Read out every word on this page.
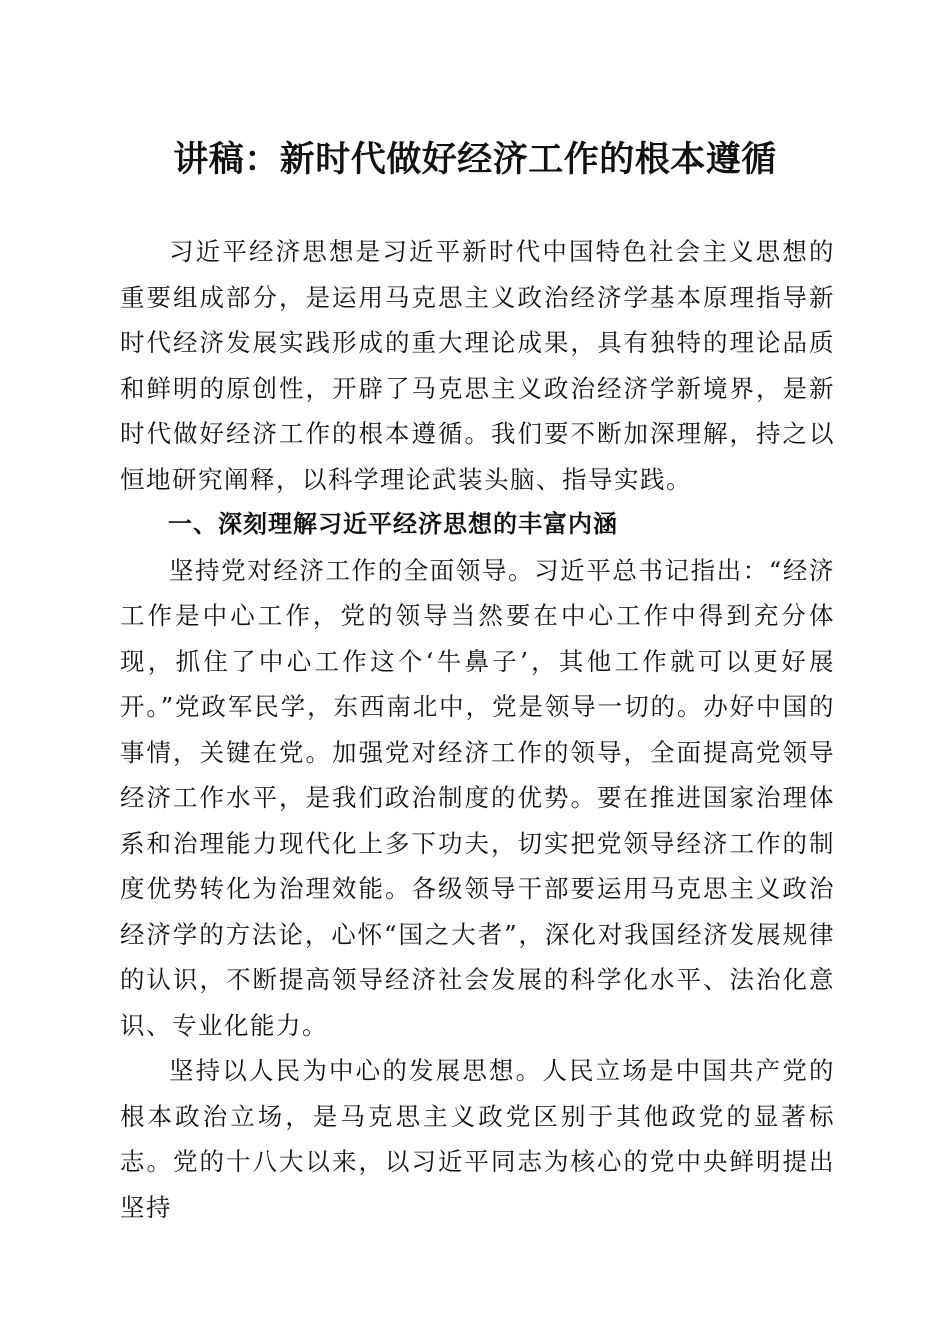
讲稿：新时代做好经济工作的根本遵循

习近平经济思想是习近平新时代中国特色社会主义思想的重要组成部分，是运用马克思主义政治经济学基本原理指导新时代经济发展实践形成的重大理论成果，具有独特的理论品质和鲜明的原创性，开辟了马克思主义政治经济学新境界，是新时代做好经济工作的根本遵循。我们要不断加深理解，持之以恒地研究阐释，以科学理论武装头脑、指导实践。

一、深刻理解习近平经济思想的丰富内涵

坚持党对经济工作的全面领导。习近平总书记指出：“经济工作是中心工作，党的领导当然要在中心工作中得到充分体现，抓住了中心工作这个‘牛鼻子’，其他工作就可以更好展开。”党政军民学，东西南北中，党是领导一切的。办好中国的事情，关键在党。加强党对经济工作的领导，全面提高党领导经济工作水平，是我们政治制度的优势。要在推进国家治理体系和治理能力现代化上多下功夫，切实把党领导经济工作的制度优势转化为治理效能。各级领导干部要运用马克思主义政治经济学的方法论，心怀“国之大者”，深化对我国经济发展规律的认识，不断提高领导经济社会发展的科学化水平、法治化意识、专业化能力。

坚持以人民为中心的发展思想。人民立场是中国共产党的根本政治立场，是马克思主义政党区别于其他政党的显著标志。党的十八大以来，以习近平同志为核心的党中央鲜明提出坚持
